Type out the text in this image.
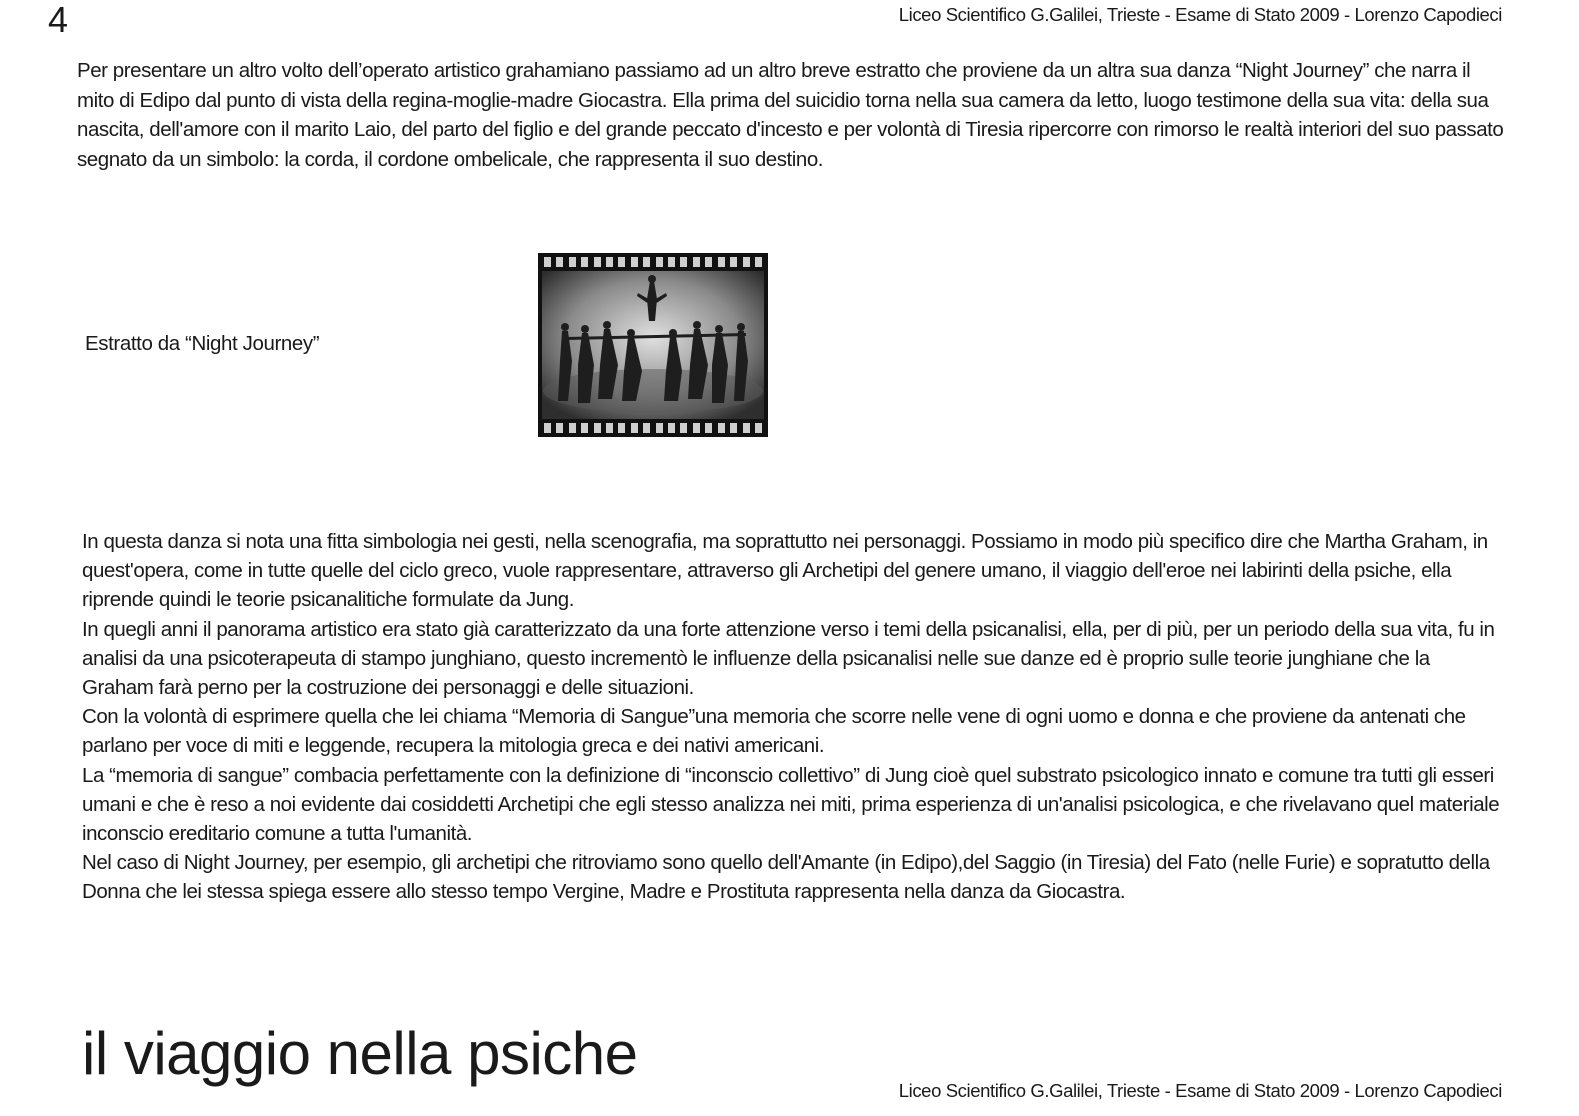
4	Liceo Scientifico G.Galilei, Trieste - Esame di Stato 2009 - Lorenzo Capodieci

Per presentare un altro volto dell’operato artistico grahamiano passiamo ad un altro breve estratto che proviene da un altra sua danza “Night Journey” che narra il mito di Edipo dal punto di vista della regina-moglie-madre Giocastra. Ella prima del suicidio torna nella sua camera da letto, luogo testimone della sua vita: della sua nascita, dell'amore con il marito Laio, del parto del figlio e del grande peccato d'incesto e per volontà di Tiresia ripercorre con rimorso le realtà interiori del suo passato segnato da un simbolo: la corda, il cordone ombelicale, che rappresenta il suo destino.

Estratto da “Night Journey”
In questa danza si nota una fitta simbologia nei gesti, nella scenografia, ma soprattutto nei personaggi. Possiamo in modo più specifico dire che Martha Graham, in quest'opera, come in tutte quelle del ciclo greco, vuole rappresentare, attraverso gli Archetipi del genere umano, il viaggio dell'eroe nei labirinti della psiche, ella riprende quindi le teorie psicanalitiche formulate da Jung.
In quegli anni il panorama artistico era stato già caratterizzato da una forte attenzione verso i temi della psicanalisi, ella, per di più, per un periodo della sua vita, fu in analisi da una psicoterapeuta di stampo junghiano, questo incrementò le influenze della psicanalisi nelle sue danze ed è proprio sulle teorie junghiane che la Graham farà perno per la costruzione dei personaggi e delle situazioni.
Con la volontà di esprimere quella che lei chiama “Memoria di Sangue”una memoria che scorre nelle vene di ogni uomo e donna e che proviene da antenati che parlano per voce di miti e leggende, recupera la mitologia greca e dei nativi americani.
La “memoria di sangue” combacia perfettamente con la definizione di “inconscio collettivo” di Jung cioè quel substrato psicologico innato e comune tra tutti gli esseri umani e che è reso a noi evidente dai cosiddetti Archetipi che egli stesso analizza nei miti, prima esperienza di un'analisi psicologica, e che rivelavano quel materiale inconscio ereditario comune a tutta l'umanità.
Nel caso di Night Journey, per esempio, gli archetipi che ritroviamo sono quello dell'Amante (in Edipo),del Saggio (in Tiresia) del Fato (nelle Furie) e sopratutto della Donna che lei stessa spiega essere allo stesso tempo Vergine, Madre e Prostituta rappresenta nella danza da Giocastra.
il viaggio nella psiche
Liceo Scientifico G.Galilei, Trieste - Esame di Stato 2009 - Lorenzo Capodieci
